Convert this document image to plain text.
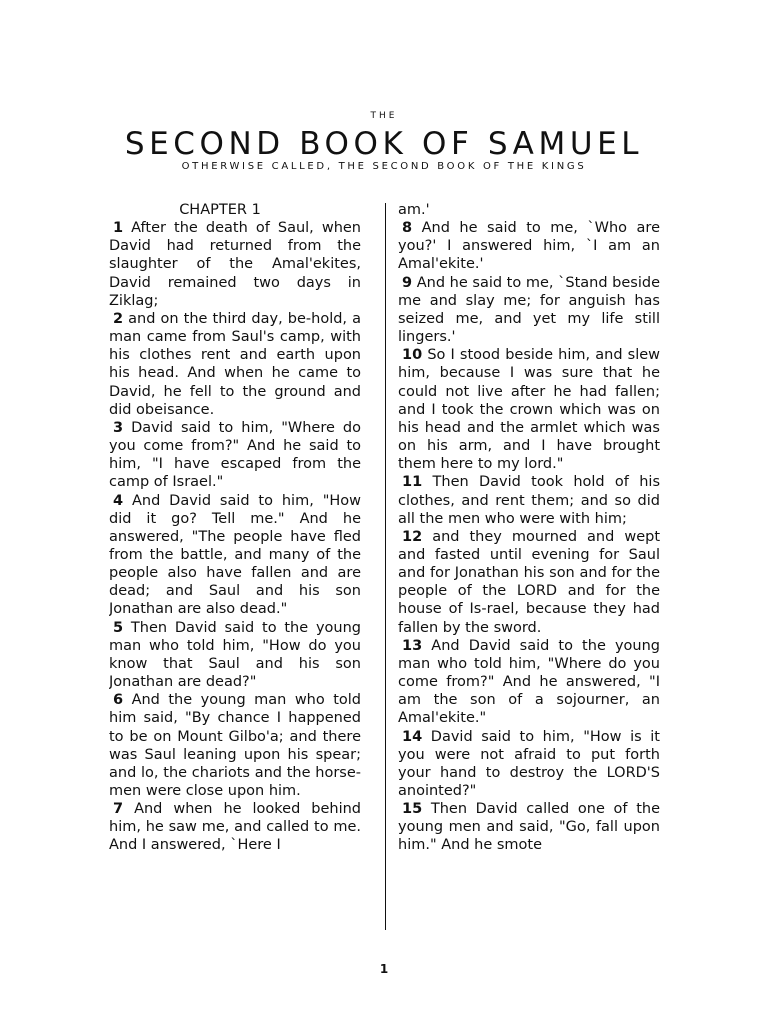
THE
SECOND BOOK OF SAMUEL
OTHERWISE CALLED, THE SECOND BOOK OF THE KINGS

CHAPTER 1

1 After the death of Saul, when David had returned from the slaughter of the Amal'ekites, David remained two days in Ziklag;

2 and on the third day, be-hold, a man came from Saul's camp, with his clothes rent and earth upon his head. And when he came to David, he fell to the ground and did obeisance.

3 David said to him, "Where do you come from?" And he said to him, "I have escaped from the camp of Israel."

4 And David said to him, "How did it go? Tell me." And he answered, "The people have fled from the battle, and many of the people also have fallen and are dead; and Saul and his son Jonathan are also dead."

5 Then David said to the young man who told him, "How do you know that Saul and his son Jonathan are dead?"

6 And the young man who told him said, "By chance I happened to be on Mount Gilbo'a; and there was Saul leaning upon his spear; and lo, the chariots and the horse-men were close upon him.

7 And when he looked behind him, he saw me, and called to me. And I answered, `Here I

am.'

8 And he said to me, `Who are you?' I answered him, `I am an Amal'ekite.'

9 And he said to me, `Stand beside me and slay me; for anguish has seized me, and yet my life still lingers.'

10 So I stood beside him, and slew him, because I was sure that he could not live after he had fallen; and I took the crown which was on his head and the armlet which was on his arm, and I have brought them here to my lord."

11 Then David took hold of his clothes, and rent them; and so did all the men who were with him;

12 and they mourned and wept and fasted until evening for Saul and for Jonathan his son and for the people of the LORD and for the house of Is-rael, because they had fallen by the sword.

13 And David said to the young man who told him, "Where do you come from?" And he answered, "I am the son of a sojourner, an Amal'ekite."

14 David said to him, "How is it you were not afraid to put forth your hand to destroy the LORD'S anointed?"

15 Then David called one of the young men and said, "Go, fall upon him." And he smote

1
